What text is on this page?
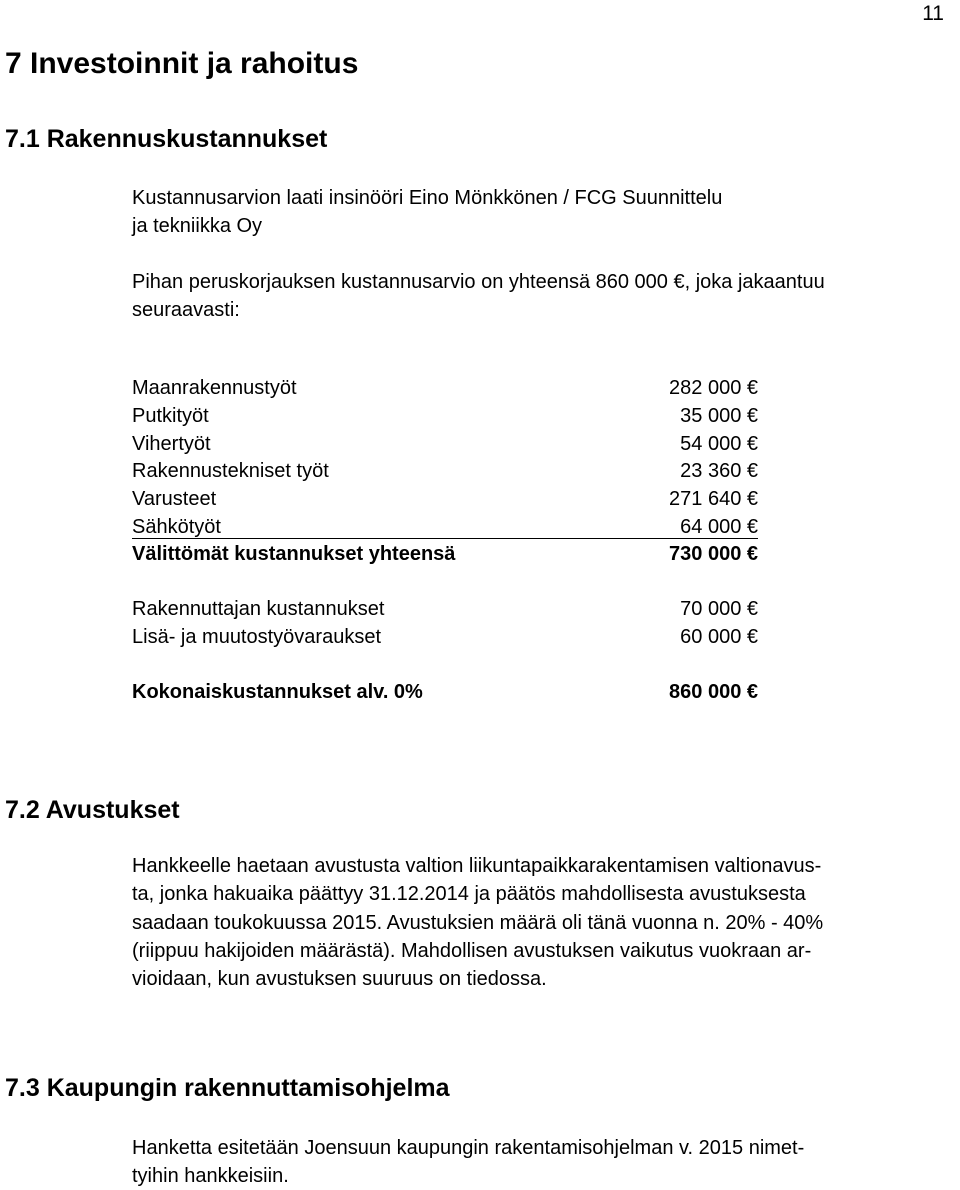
11
7 Investoinnit ja rahoitus
7.1 Rakennuskustannukset
Kustannusarvion laati insinööri Eino Mönkkönen / FCG Suunnittelu
ja tekniikka Oy
Pihan peruskorjauksen kustannusarvio on yhteensä 860 000 €, joka jakaantuu
seuraavasti:
Maanrakennustyöt	282 000 €
Putkityöt	35 000 €
Vihertyöt	54 000 €
Rakennustekniset työt	23 360 €
Varusteet	271 640 €
Sähkötyöt	64 000 €
Välittömät kustannukset yhteensä	730 000 €
Rakennuttajan kustannukset	70 000 €
Lisä- ja muutostyövaraukset	60 000 €
Kokonaiskustannukset alv. 0%	860 000 €
7.2 Avustukset
Hankkeelle haetaan avustusta valtion liikuntapaikkarakentamisen valtionavus-
ta, jonka hakuaika päättyy 31.12.2014 ja päätös mahdollisesta avustuksesta
saadaan toukokuussa 2015. Avustuksien määrä oli tänä vuonna n. 20% - 40%
(riippuu hakijoiden määrästä). Mahdollisen avustuksen vaikutus vuokraan ar-
vioidaan, kun avustuksen suuruus on tiedossa.
7.3 Kaupungin rakennuttamisohjelma
Hanketta esitetään Joensuun kaupungin rakentamisohjelman v. 2015 nimet-
tyihin hankkeisiin.
